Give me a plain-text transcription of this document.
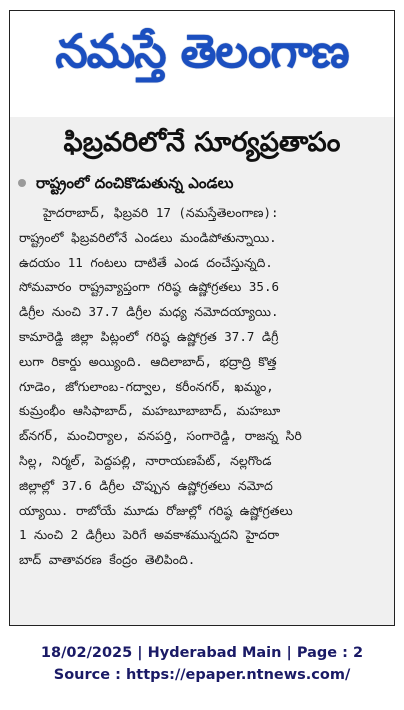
నమస్తే తెలంగాణ
ఫిబ్రవరిలోనే సూర్యప్రతాపం
రాష్ట్రంలో దంచికొడుతున్న ఎండలు
హైదరాబాద్, ఫిబ్రవరి 17 (నమస్తేతెలంగాణ):
రాష్ట్రంలో ఫిబ్రవరిలోనే ఎండలు మండిపోతున్నాయి.
ఉదయం 11 గంటలు దాటితే ఎండ దంచేస్తున్నది.
సోమవారం రాష్ట్రవ్యాప్తంగా గరిష్ఠ ఉష్ణోగ్రతలు 35.6
డిగ్రీల నుంచి 37.7 డిగ్రీల మధ్య నమోదయ్యాయి.
కామారెడ్డి జిల్లా పిట్లంలో గరిష్ఠ ఉష్ణోగ్రత 37.7 డిగ్రీ
లుగా రికార్డు అయ్యింది. ఆదిలాబాద్, భద్రాద్రి కొత్త
గూడెం, జోగులాంబ-గద్వాల, కరీంనగర్, ఖమ్మం,
కుమ్రంభీం ఆసిఫాబాద్, మహబూబాబాద్, మహబూ
బ్‌నగర్, మంచిర్యాల, వనపర్తి, సంగారెడ్డి, రాజన్న సిరి
సిల్ల, నిర్మల్, పెద్దపల్లి, నారాయణపేట్, నల్లగొండ
జిల్లాల్లో 37.6 డిగ్రీల చొప్పున ఉష్ణోగ్రతలు నమోద
య్యాయి. రాబోయే మూడు రోజుల్లో గరిష్ఠ ఉష్ణోగ్రతలు
1 నుంచి 2 డిగ్రీలు పెరిగే అవకాశమున్నదని హైదరా
బాద్ వాతావరణ కేంద్రం తెలిపింది.
18/02/2025 | Hyderabad Main | Page : 2
Source : https://epaper.ntnews.com/
